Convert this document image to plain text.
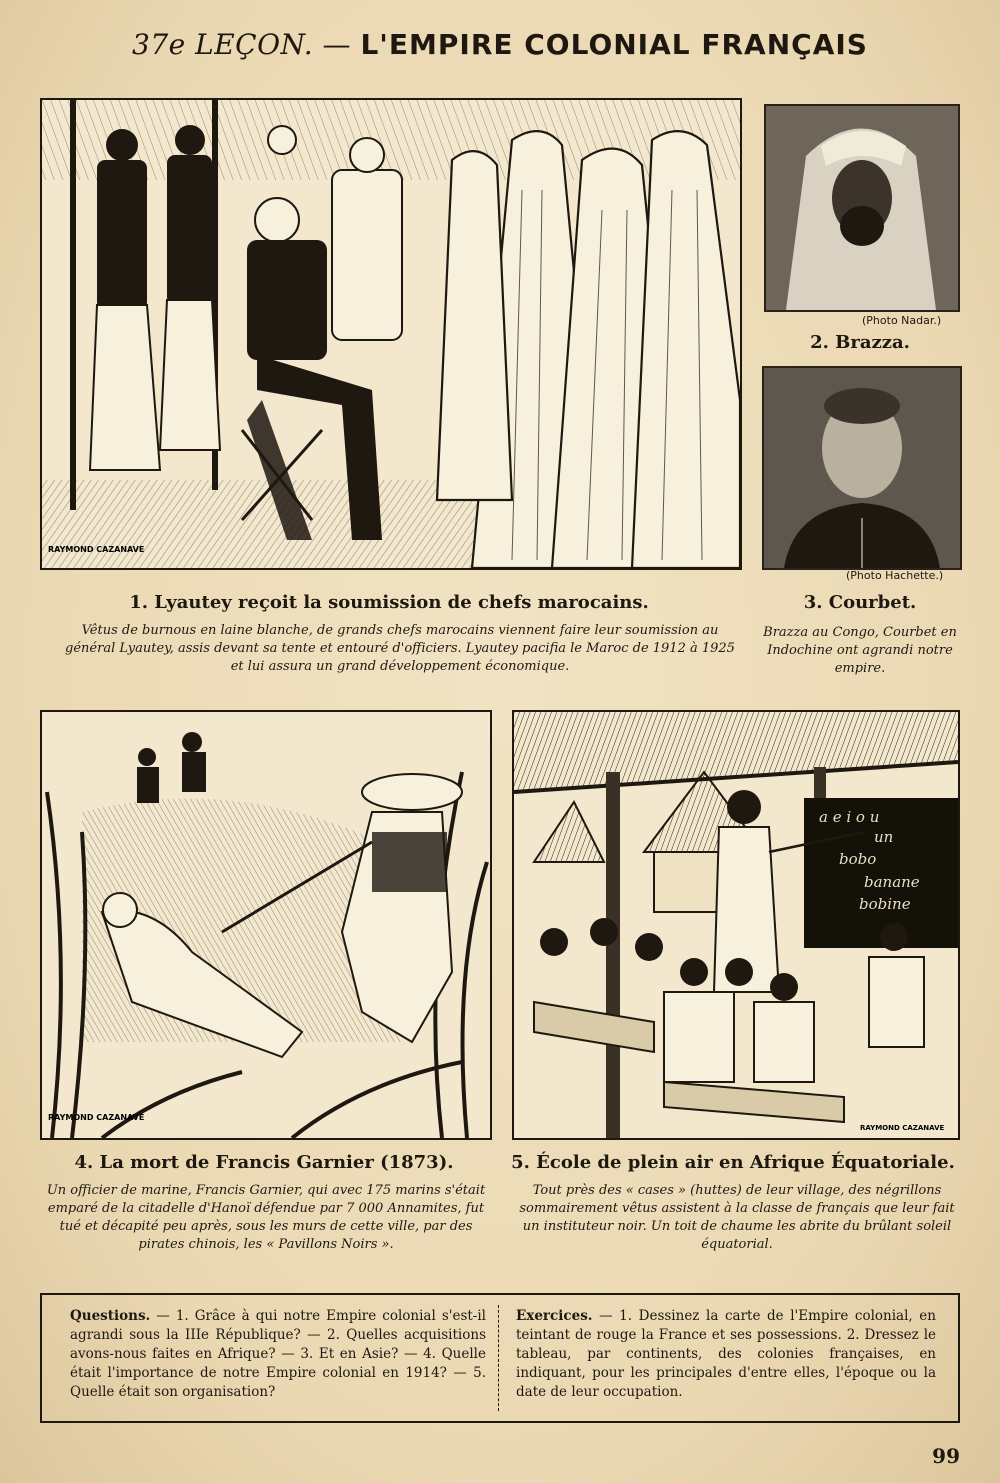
37e LEÇON. — L'EMPIRE COLONIAL FRANÇAIS
RAYMOND CAZANAVE
(Photo Nadar.)
2. Brazza.
(Photo Hachette.)
3. Courbet.
Brazza au Congo, Courbet en Indochine ont agrandi notre empire.
1. Lyautey reçoit la soumission de chefs marocains.
Vêtus de burnous en laine blanche, de grands chefs marocains viennent faire leur soumission au général Lyautey, assis devant sa tente et entouré d'officiers. Lyautey pacifia le Maroc de 1912 à 1925 et lui assura un grand développement économique.
RAYMOND CAZANAVE
4. La mort de Francis Garnier (1873).
Un officier de marine, Francis Garnier, qui avec 175 marins s'était emparé de la citadelle d'Hanoï défendue par 7 000 Annamites, fut tué et décapité peu après, sous les murs de cette ville, par des pirates chinois, les « Pavillons Noirs ».
a e i o u
un
bobo
banane
bobine
RAYMOND CAZANAVE
5. École de plein air en Afrique Équatoriale.
Tout près des « cases » (huttes) de leur village, des négrillons sommairement vêtus assistent à la classe de français que leur fait un instituteur noir. Un toit de chaume les abrite du brûlant soleil équatorial.
Questions. — 1. Grâce à qui notre Empire colonial s'est-il agrandi sous la IIIe République? — 2. Quelles acquisitions avons-nous faites en Afrique? — 3. Et en Asie? — 4. Quelle était l'importance de notre Empire colonial en 1914? — 5. Quelle était son organisation?
Exercices. — 1. Dessinez la carte de l'Empire colonial, en teintant de rouge la France et ses possessions. 2. Dressez le tableau, par continents, des colonies françaises, en indiquant, pour les principales d'entre elles, l'époque ou la date de leur occupation.
99
